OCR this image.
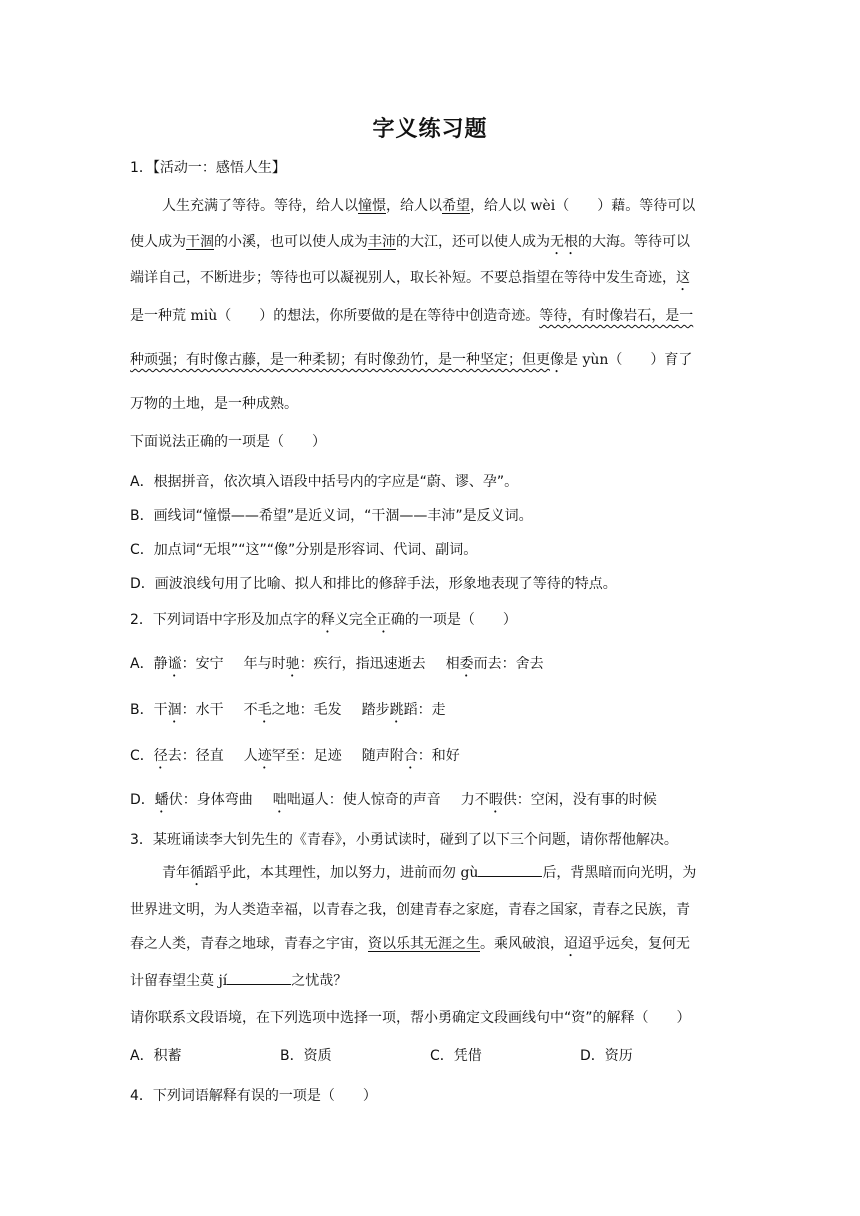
字义练习题
1．【活动一：感悟人生】
人生充满了等待。等待，给人以憧憬，给人以希望，给人以 wèi（　　）藉。等待可以
使人成为干涸的小溪，也可以使人成为丰沛的大江，还可以使人成为无根的大海。等待可以
端详自己，不断进步；等待也可以凝视别人，取长补短。不要总指望在等待中发生奇迹，这
是一种荒 miù（　　）的想法，你所要做的是在等待中创造奇迹。等待，有时像岩石，是一
种顽强；有时像古藤，是一种柔韧；有时像劲竹，是一种坚定；但更像是 yùn（　　）育了
万物的土地，是一种成熟。
下面说法正确的一项是（　　）
A．根据拼音，依次填入语段中括号内的字应是“蔚、谬、孕”。
B．画线词“憧憬——希望”是近义词，“干涸——丰沛”是反义词。
C．加点词“无垠”“这”“像”分别是形容词、代词、副词。
D．画波浪线句用了比喻、拟人和排比的修辞手法，形象地表现了等待的特点。
2．下列词语中字形及加点字的释义完全正确的一项是（　　）
A．静谧：安宁 年与时驰：疾行，指迅速逝去 相委而去：舍去
B．干涸：水干 不毛之地：毛发 踏步跳蹈：走
C．径去：径直 人迹罕至：足迹 随声附合：和好
D．蟠伏：身体弯曲 咄咄逼人：使人惊奇的声音 力不暇供：空闲，没有事的时候
3．某班诵读李大钊先生的《青春》，小勇试读时，碰到了以下三个问题，请你帮他解决。
青年循蹈乎此，本其理性，加以努力，进前而勿 gù	后，背黑暗而向光明，为
世界进文明，为人类造幸福，以青春之我，创建青春之家庭，青春之国家，青春之民族，青
春之人类，青春之地球，青春之宇宙，资以乐其无涯之生。乘风破浪，迢迢乎远矣，复何无
计留春望尘莫 jí	之忧哉？
请你联系文段语境，在下列选项中选择一项，帮小勇确定文段画线句中“资”的解释（　　）
A．积蓄	B．资质	C．凭借	D．资历
4．下列词语解释有误的一项是（　　）
